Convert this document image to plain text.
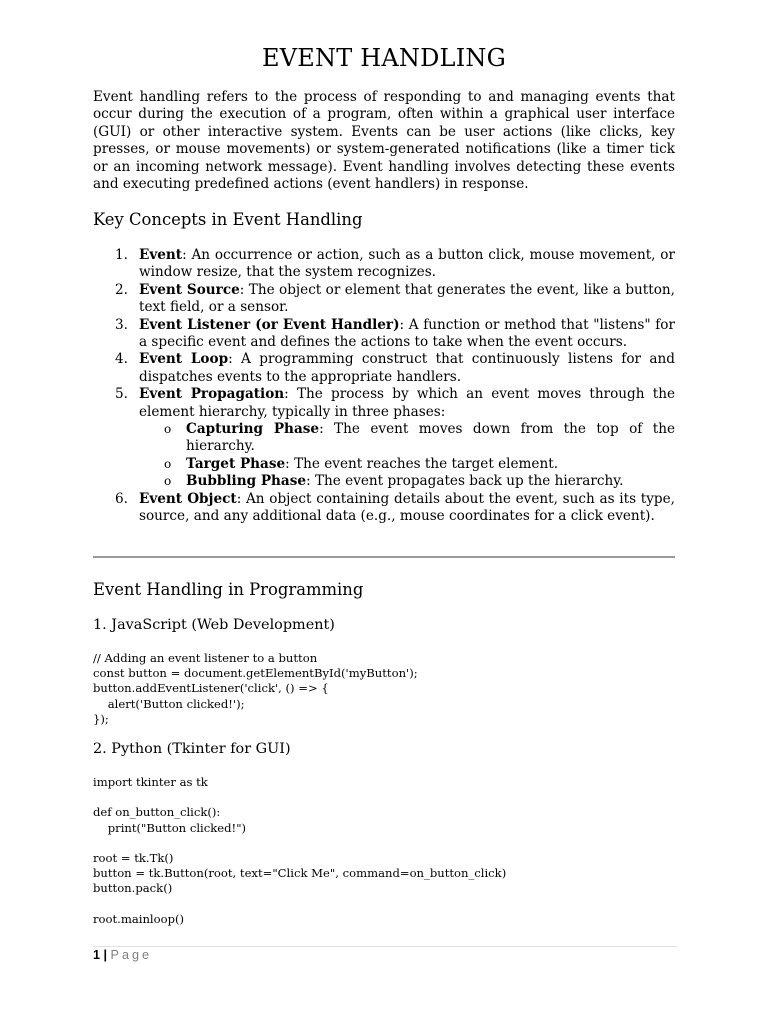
EVENT HANDLING

Event handling refers to the process of responding to and managing events that occur during the execution of a program, often within a graphical user interface (GUI) or other interactive system. Events can be user actions (like clicks, key presses, or mouse movements) or system-generated notifications (like a timer tick or an incoming network message). Event handling involves detecting these events and executing predefined actions (event handlers) in response.

Key Concepts in Event Handling
1. Event: An occurrence or action, such as a button click, mouse movement, or window resize, that the system recognizes.
2. Event Source: The object or element that generates the event, like a button, text field, or a sensor.
3. Event Listener (or Event Handler): A function or method that "listens" for a specific event and defines the actions to take when the event occurs.
4. Event Loop: A programming construct that continuously listens for and dispatches events to the appropriate handlers.
5. Event Propagation: The process by which an event moves through the element hierarchy, typically in three phases:
o Capturing Phase: The event moves down from the top of the hierarchy.
o Target Phase: The event reaches the target element.
o Bubbling Phase: The event propagates back up the hierarchy.
6. Event Object: An object containing details about the event, such as its type, source, and any additional data (e.g., mouse coordinates for a click event).
Event Handling in Programming
1. JavaScript (Web Development)
// Adding an event listener to a button
const button = document.getElementById('myButton');
button.addEventListener('click', () => {
alert('Button clicked!');
});
2. Python (Tkinter for GUI)
import tkinter as tk

def on_button_click():
print("Button clicked!")

root = tk.Tk()
button = tk.Button(root, text="Click Me", command=on_button_click)
button.pack()

root.mainloop()
1 | Page
